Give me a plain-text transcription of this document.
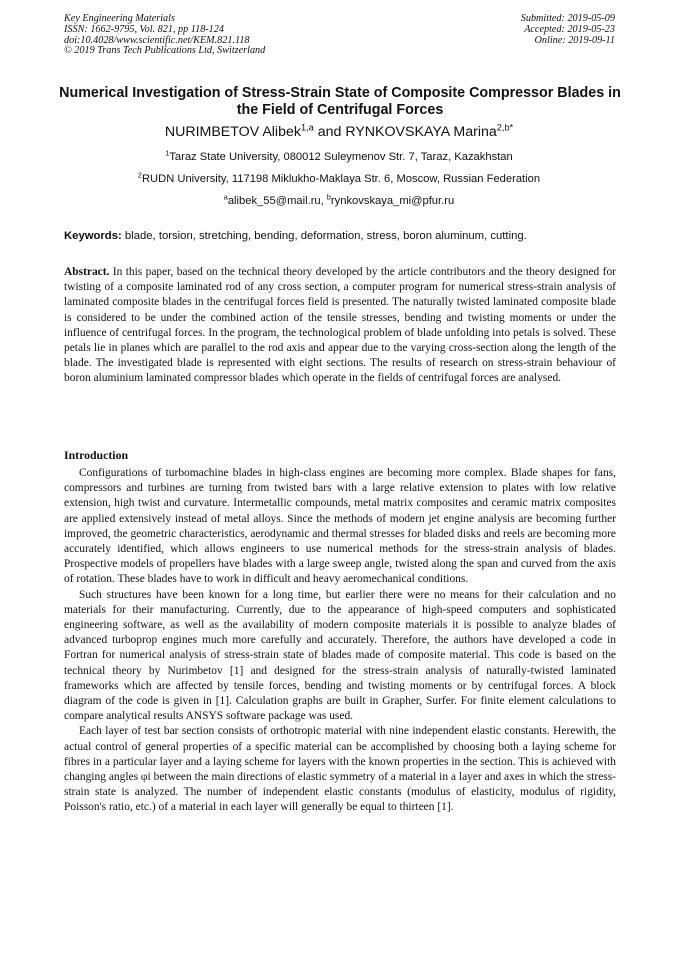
Key Engineering Materials
ISSN: 1662-9795, Vol. 821, pp 118-124
doi:10.4028/www.scientific.net/KEM.821.118
© 2019 Trans Tech Publications Ltd, Switzerland
Submitted: 2019-05-09
Accepted: 2019-05-23
Online: 2019-09-11
Numerical Investigation of Stress-Strain State of Composite Compressor Blades in the Field of Centrifugal Forces
NURIMBETOV Alibek$^{1,a}$ and RYNKOVSKAYA Marina$^{2,b*}$
$^1$Taraz State University, 080012 Suleymenov Str. 7, Taraz, Kazakhstan
$^2$RUDN University, 117198 Miklukho-Maklaya Str. 6, Moscow, Russian Federation
$^a$alibek_55@mail.ru, $^b$rynkovskaya_mi@pfur.ru
Keywords: blade, torsion, stretching, bending, deformation, stress, boron aluminum, cutting.

Abstract. In this paper, based on the technical theory developed by the article contributors and the theory designed for twisting of a composite laminated rod of any cross section, a computer program for numerical stress-strain analysis of laminated composite blades in the centrifugal forces field is presented. The naturally twisted laminated composite blade is considered to be under the combined action of the tensile stresses, bending and twisting moments or under the influence of centrifugal forces. In the program, the technological problem of blade unfolding into petals is solved. These petals lie in planes which are parallel to the rod axis and appear due to the varying cross-section along the length of the blade. The investigated blade is represented with eight sections. The results of research on stress-strain behaviour of boron aluminium laminated compressor blades which operate in the fields of centrifugal forces are analysed.

Introduction

Configurations of turbomachine blades in high-class engines are becoming more complex. Blade shapes for fans, compressors and turbines are turning from twisted bars with a large relative extension to plates with low relative extension, high twist and curvature. Intermetallic compounds, metal matrix composites and ceramic matrix composites are applied extensively instead of metal alloys. Since the methods of modern jet engine analysis are becoming further improved, the geometric characteristics, aerodynamic and thermal stresses for bladed disks and reels are becoming more accurately identified, which allows engineers to use numerical methods for the stress-strain analysis of blades. Prospective models of propellers have blades with a large sweep angle, twisted along the span and curved from the axis of rotation. These blades have to work in difficult and heavy aeromechanical conditions.

Such structures have been known for a long time, but earlier there were no means for their calculation and no materials for their manufacturing. Currently, due to the appearance of high-speed computers and sophisticated engineering software, as well as the availability of modern composite materials it is possible to analyze blades of advanced turboprop engines much more carefully and accurately. Therefore, the authors have developed a code in Fortran for numerical analysis of stress-strain state of blades made of composite material. This code is based on the technical theory by Nurimbetov [1] and designed for the stress-strain analysis of naturally-twisted laminated frameworks which are affected by tensile forces, bending and twisting moments or by centrifugal forces. A block diagram of the code is given in [1]. Calculation graphs are built in Grapher, Surfer. For finite element calculations to compare analytical results ANSYS software package was used.

Each layer of test bar section consists of orthotropic material with nine independent elastic constants. Herewith, the actual control of general properties of a specific material can be accomplished by choosing both a laying scheme for fibres in a particular layer and a laying scheme for layers with the known properties in the section. This is achieved with changing angles φi between the main directions of elastic symmetry of a material in a layer and axes in which the stress-strain state is analyzed. The number of independent elastic constants (modulus of elasticity, modulus of rigidity, Poisson's ratio, etc.) of a material in each layer will generally be equal to thirteen [1].
